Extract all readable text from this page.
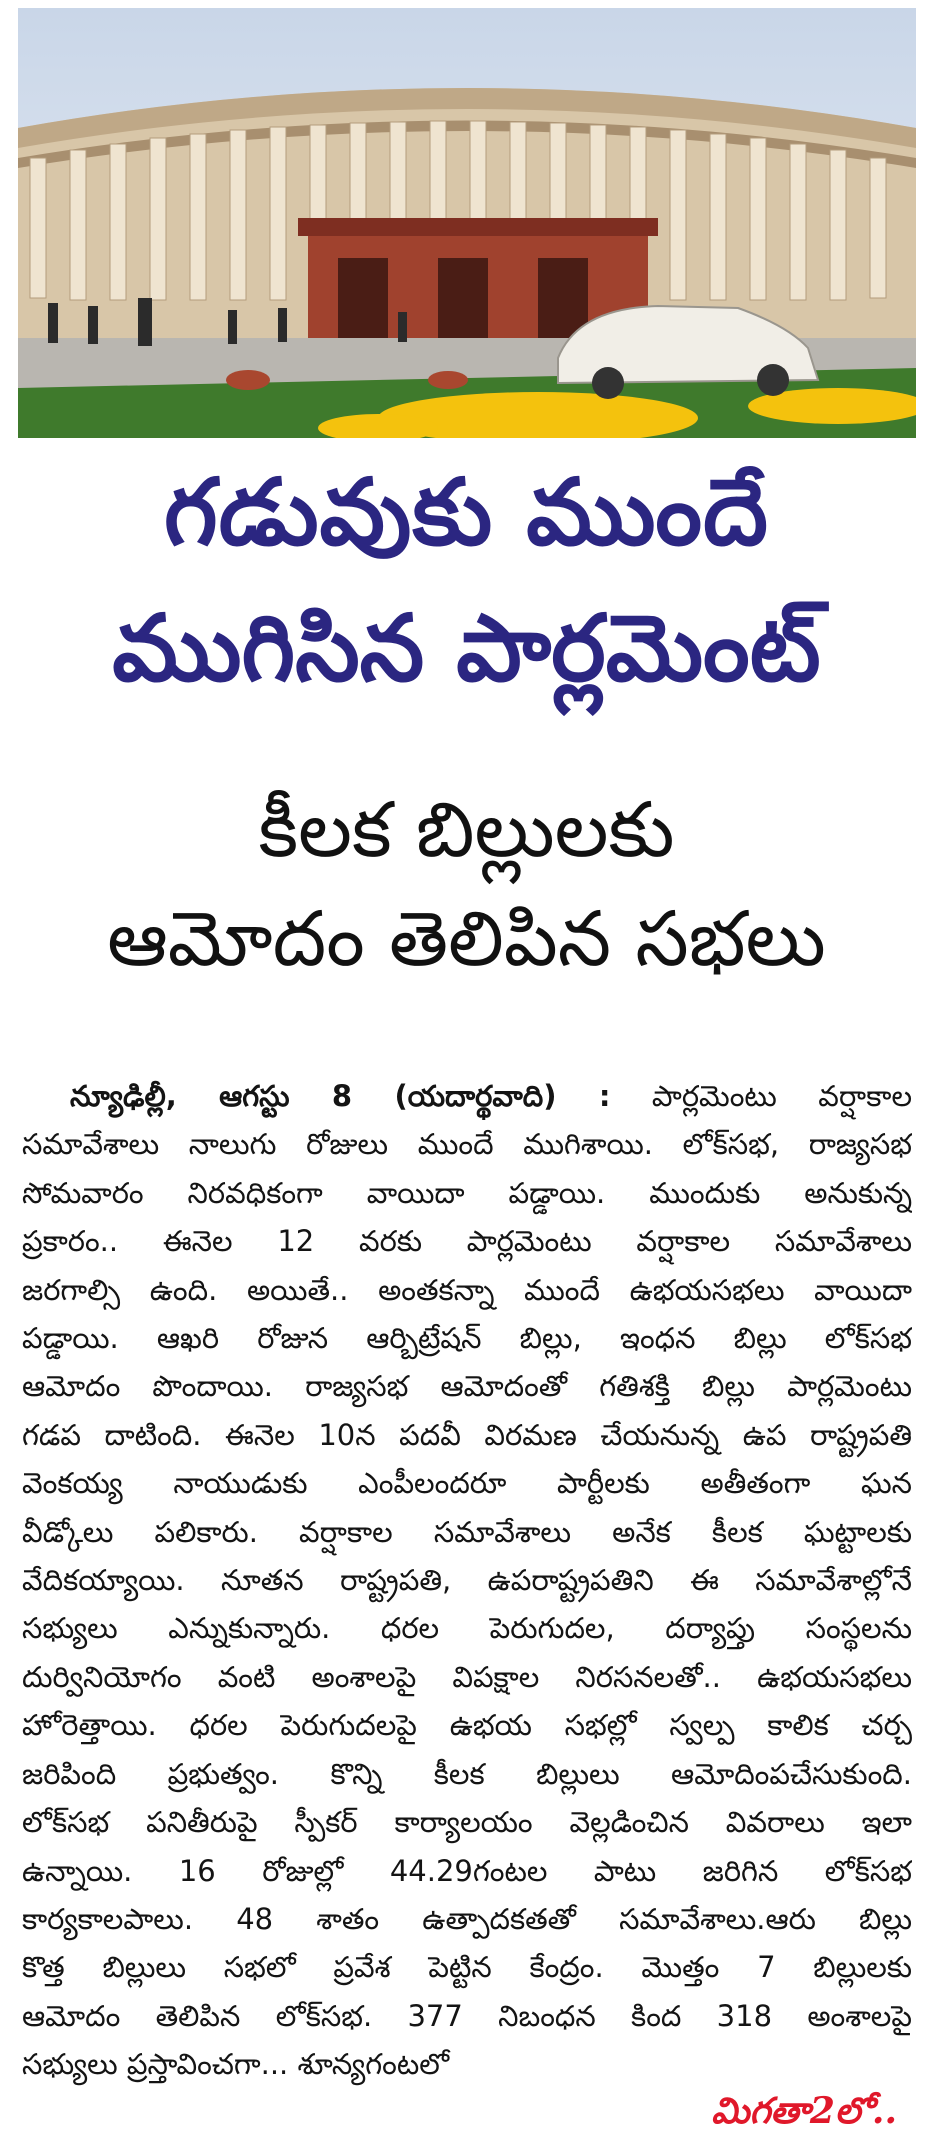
గడువుకు ముందే
ముగిసిన పార్లమెంట్
కీలక బిల్లులకు
ఆమోదం తెలిపిన సభలు
న్యూఢిల్లీ, ఆగస్టు 8 (యదార్థవాది) : పార్లమెంటు వర్షాకాల
సమావేశాలు నాలుగు రోజులు ముందే ముగిశాయి. లోక్‌సభ, రాజ్యసభ
సోమవారం నిరవధికంగా వాయిదా పడ్డాయి. ముందుకు అనుకున్న
ప్రకారం.. ఈనెల 12 వరకు పార్లమెంటు వర్షాకాల సమావేశాలు
జరగాల్సి ఉంది. అయితే.. అంతకన్నా ముందే ఉభయసభలు వాయిదా
పడ్డాయి. ఆఖరి రోజున ఆర్బిట్రేషన్ బిల్లు, ఇంధన బిల్లు లోక్‌సభ
ఆమోదం పొందాయి. రాజ్యసభ ఆమోదంతో గతిశక్తి బిల్లు పార్లమెంటు
గడప దాటింది. ఈనెల 10న పదవీ విరమణ చేయనున్న ఉప రాష్ట్రపతి
వెంకయ్య నాయుడుకు ఎంపీలందరూ పార్టీలకు అతీతంగా ఘన
వీడ్కోలు పలికారు. వర్షాకాల సమావేశాలు అనేక కీలక ఘట్టాలకు
వేదికయ్యాయి. నూతన రాష్ట్రపతి, ఉపరాష్ట్రపతిని ఈ సమావేశాల్లోనే
సభ్యులు ఎన్నుకున్నారు. ధరల పెరుగుదల, దర్యాప్తు సంస్థలను
దుర్వినియోగం వంటి అంశాలపై విపక్షాల నిరసనలతో.. ఉభయసభలు
హోరెత్తాయి. ధరల పెరుగుదలపై ఉభయ సభల్లో స్వల్ప కాలిక చర్చ
జరిపింది ప్రభుత్వం. కొన్ని కీలక బిల్లులు ఆమోదింపచేసుకుంది.
లోక్‌సభ పనితీరుపై స్పీకర్ కార్యాలయం వెల్లడించిన వివరాలు ఇలా
ఉన్నాయి. 16 రోజుల్లో 44.29గంటల పాటు జరిగిన లోక్‌సభ
కార్యకాలపాలు. 48 శాతం ఉత్పాదకతతో సమావేశాలు.ఆరు బిల్లు
కొత్త బిల్లులు సభలో ప్రవేశ పెట్టిన కేంద్రం. మొత్తం 7 బిల్లులకు
ఆమోదం తెలిపిన లోక్‌సభ. 377 నిబంధన కింద 318 అంశాలపై
సభ్యులు ప్రస్తావించగా... శూన్యగంటలో
మిగతా2లో..
